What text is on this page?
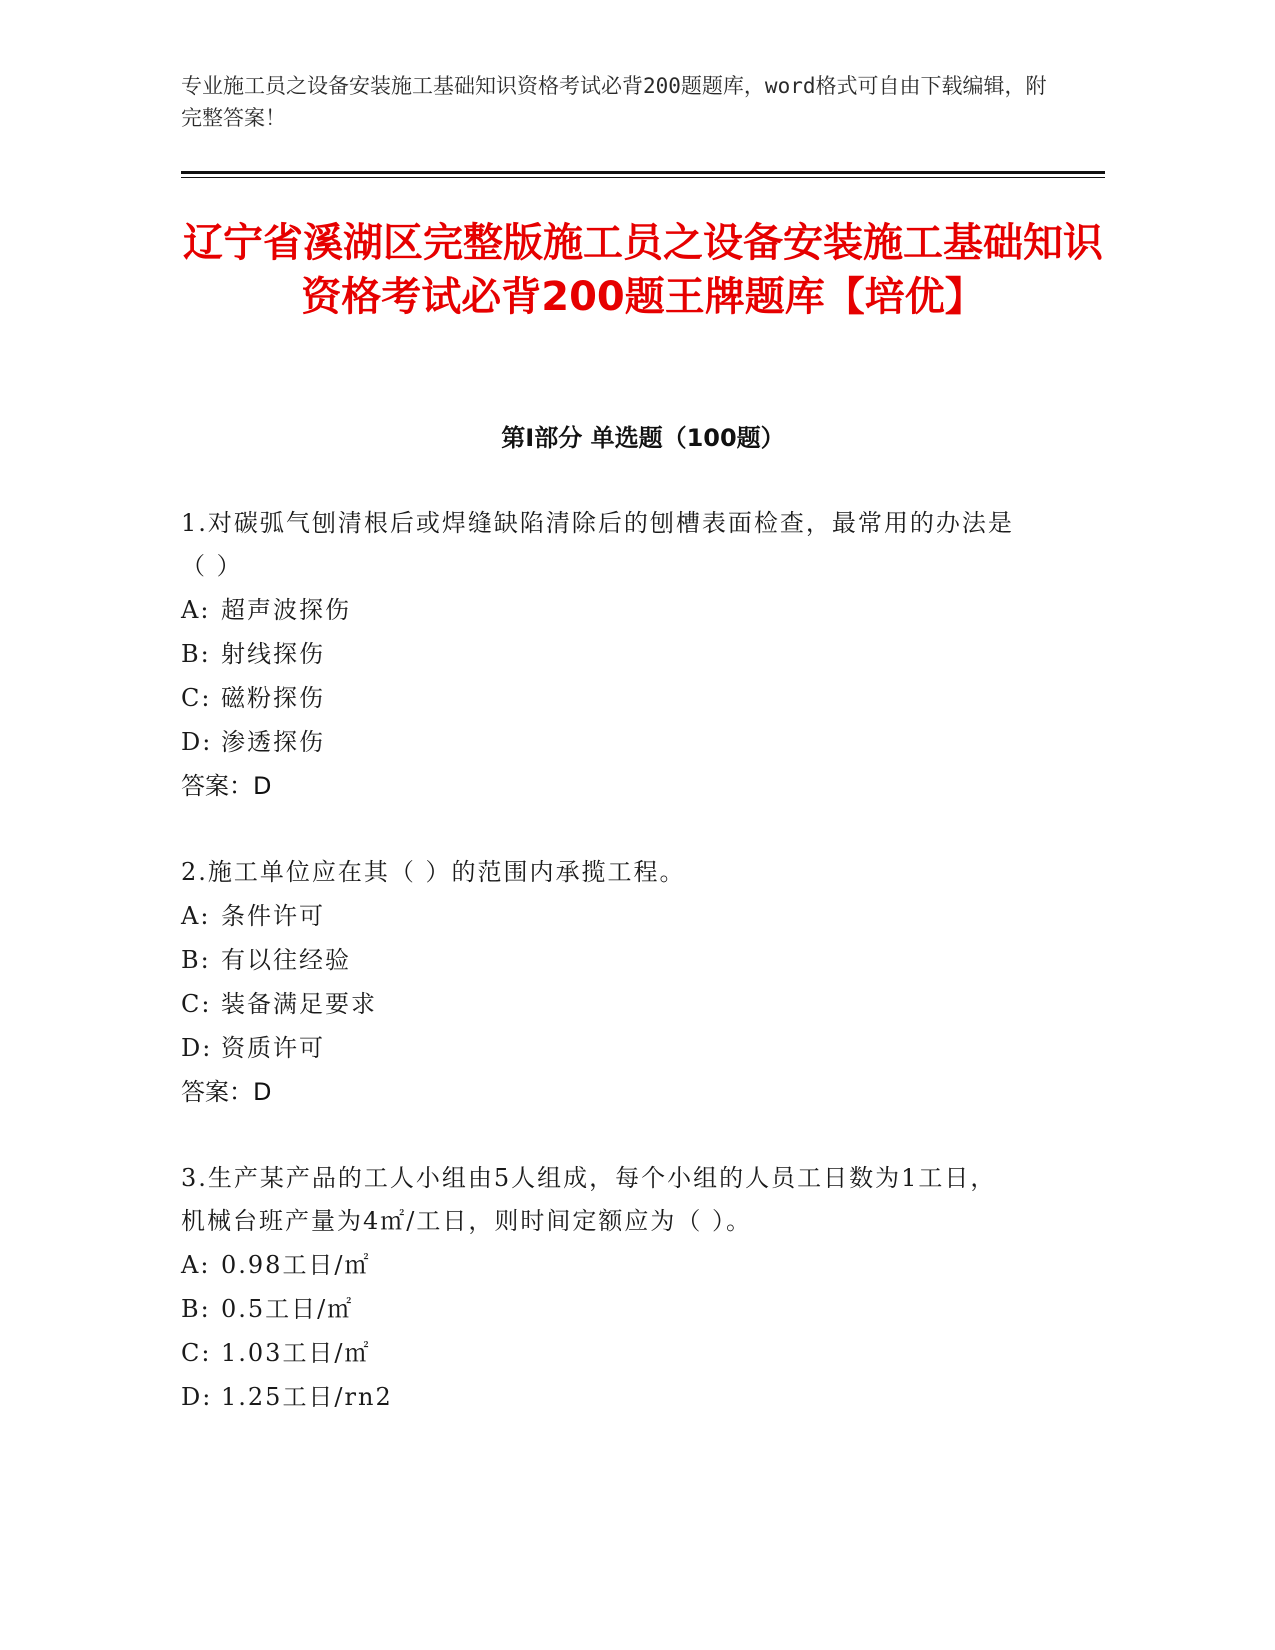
专业施工员之设备安装施工基础知识资格考试必背200题题库，word格式可自由下载编辑，附完整答案！
辽宁省溪湖区完整版施工员之设备安装施工基础知识资格考试必背200题王牌题库【培优】
第Ⅰ部分 单选题（100题）
1.对碳弧气刨清根后或焊缝缺陷清除后的刨槽表面检查，最常用的办法是（ ）
A: 超声波探伤
B: 射线探伤
C: 磁粉探伤
D: 渗透探伤
答案：D
2.施工单位应在其（ ）的范围内承揽工程。
A: 条件许可
B: 有以往经验
C: 装备满足要求
D: 资质许可
答案：D
3.生产某产品的工人小组由5人组成，每个小组的人员工日数为1工日，机械台班产量为4㎡/工日，则时间定额应为（ ）。
A: 0.98工日/㎡
B: 0.5工日/㎡
C: 1.03工日/㎡
D: 1.25工日/rn2
